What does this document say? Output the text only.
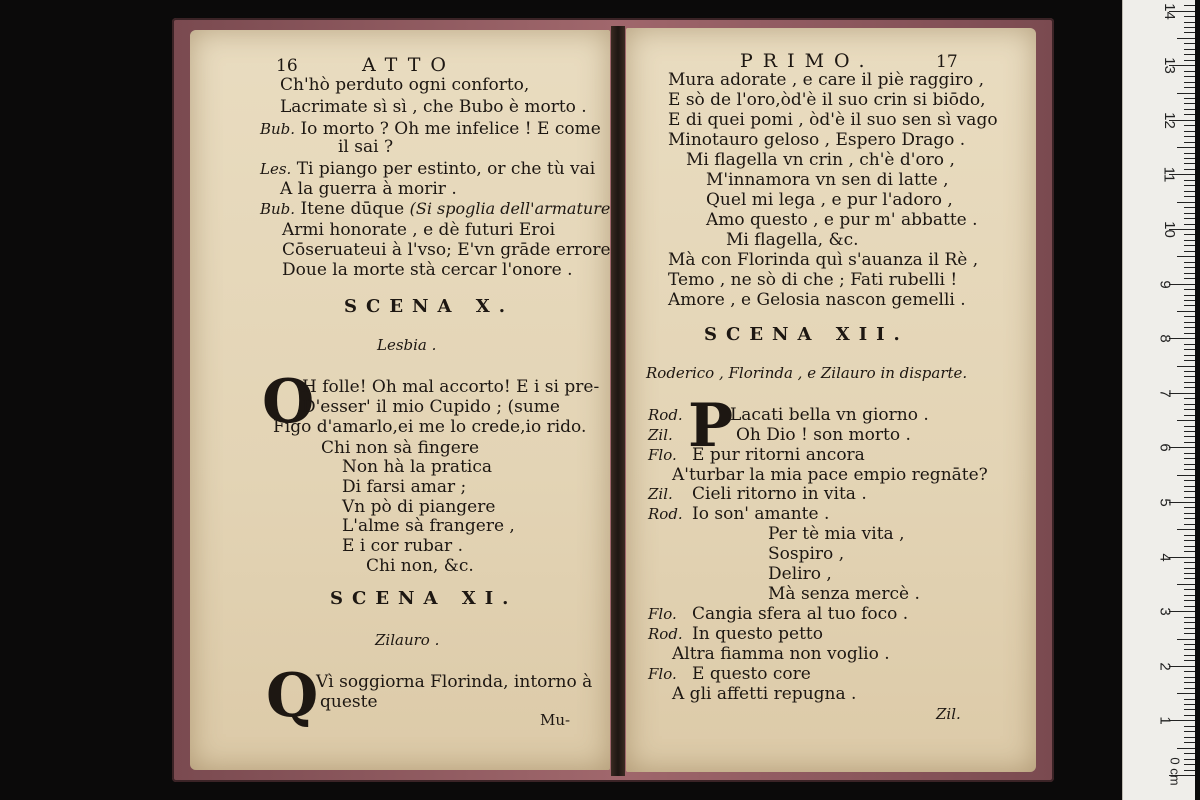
16	ATTO
Ch'hò perduto ogni conforto,
Lacrimate sì sì , che Bubo è morto .
Bub. Io morto ? Oh me infelice ! E come
il sai ?
Les. Ti piango per estinto, or che tù vai
A la guerra à morir .
Bub. Itene dūque (Si spoglia dell'armature
Armi honorate , e dè futuri Eroi
Cōseruateui à l'vso; E'vn grāde errore
Doue la morte stà cercar l'onore .
SCENA X.
Lesbia .
O
H folle! Oh mal accorto! E i si pre-
D'esser' il mio Cupido ; (sume
Figo d'amarlo,ei me lo crede,io rido.
Chi non sà fingere
Non hà la pratica
Di farsi amar ;
Vn pò di piangere
L'alme sà frangere ,
E i cor rubar .
Chi non, &c.
SCENA XI.
Zilauro .
Q
Vì soggiorna Florinda, intorno à
queste
Mu-
PRIMO.	17
Mura adorate , e care il piè raggiro ,
E sò de l'oro,òd'è il suo crin si biōdo,
E di quei pomi , òd'è il suo sen sì vago
Minotauro geloso , Espero Drago .
Mi flagella vn crin , ch'è d'oro ,
M'innamora vn sen di latte ,
Quel mi lega , e pur l'adoro ,
Amo questo , e pur m' abbatte .
Mi flagella, &c.
Mà con Florinda quì s'auanza il Rè ,
Temo , ne sò di che ; Fati rubelli !
Amore , e Gelosia nascon gemelli .
SCENA XII.
Roderico , Florinda , e Zilauro in disparte.
P
Rod.	Lacati bella vn giorno .
Zil.	Oh Dio ! son morto .
Flo. E pur ritorni ancora
A'turbar la mia pace empio regnāte?
Zil. Cieli ritorno in vita .
Rod. Io son' amante .
Per tè mia vita ,
Sospiro ,
Deliro ,
Mà senza mercè .
Flo. Cangia sfera al tuo foco .
Rod. In questo petto
Altra fiamma non voglio .
Flo. E questo core
A gli affetti repugna .
Zil.	1
2
3
4
5
6
7
8
9
10
11
12
13
14
0 cm
